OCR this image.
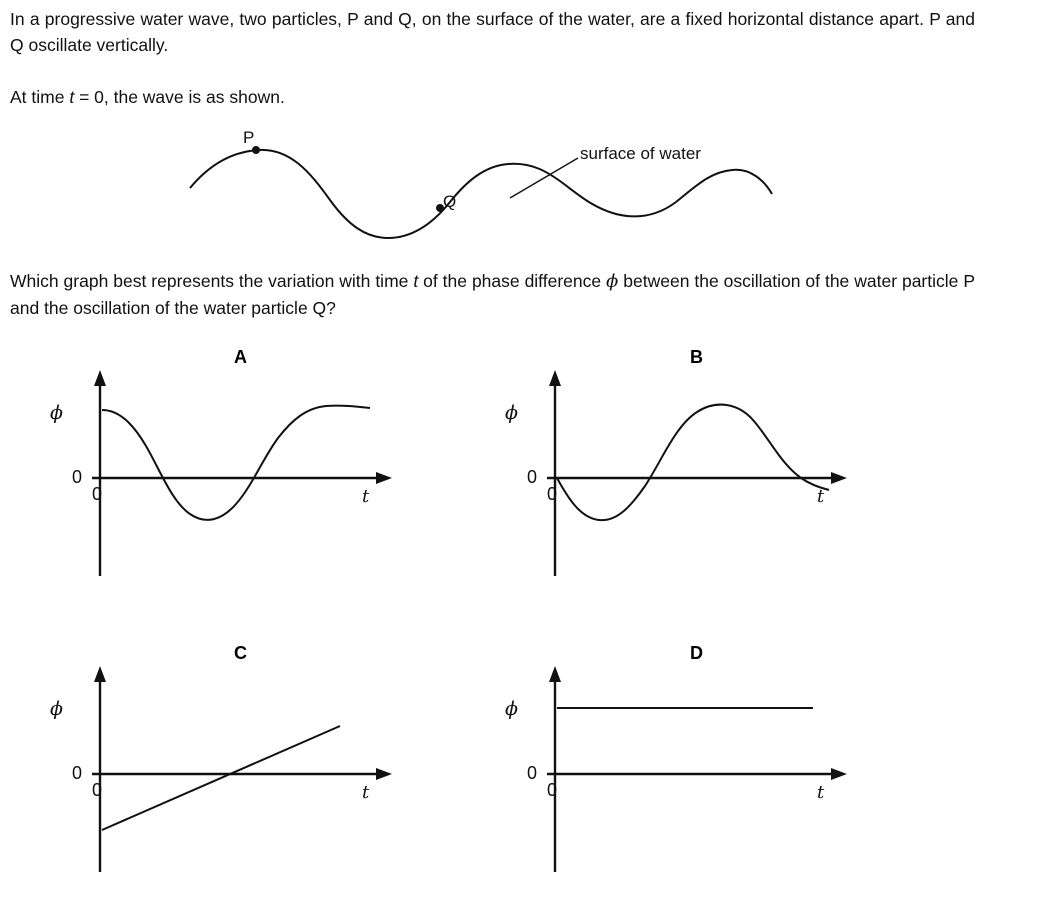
In a progressive water wave, two particles, P and Q, on the surface of the water, are a fixed horizontal distance apart. P and Q oscillate vertically.
At time t = 0, the wave is as shown.
P
Q
surface of water
Which graph best represents the variation with time t of the phase difference ϕ between the oscillation of the water particle P and the oscillation of the water particle Q?
A	B
C	D
ϕ
0
0	t
ϕ
0
0	t
ϕ
0
0	t
ϕ
0
0	t
